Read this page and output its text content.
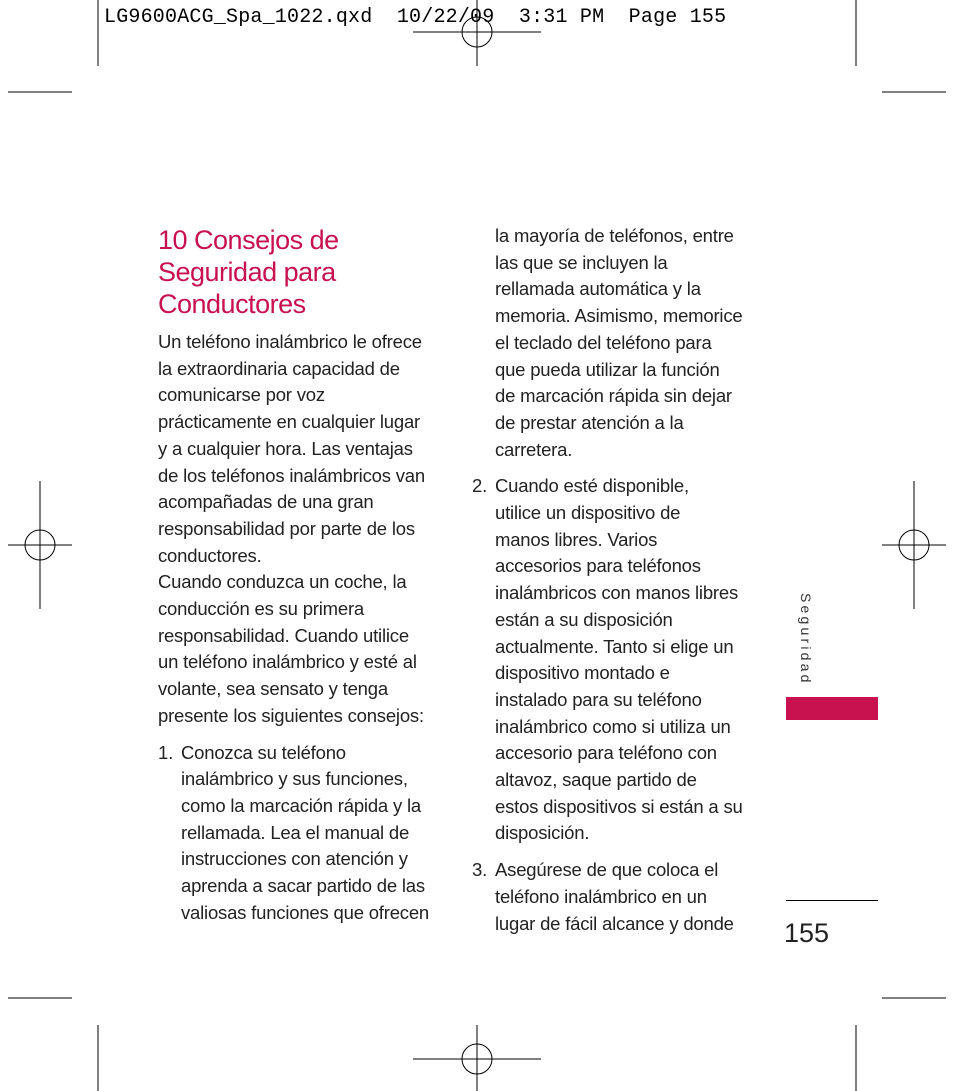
LG9600ACG_Spa_1022.qxd  10/22/09  3:31 PM  Page 155
10 Consejos de
Seguridad para
Conductores

Un teléfono inalámbrico le ofrece
la extraordinaria capacidad de
comunicarse por voz
prácticamente en cualquier lugar
y a cualquier hora. Las ventajas
de los teléfonos inalámbricos van
acompañadas de una gran
responsabilidad por parte de los
conductores.

Cuando conduzca un coche, la
conducción es su primera
responsabilidad. Cuando utilice
un teléfono inalámbrico y esté al
volante, sea sensato y tenga
presente los siguientes consejos:

1. Conozca su teléfono
inalámbrico y sus funciones,
como la marcación rápida y la
rellamada. Lea el manual de
instrucciones con atención y
aprenda a sacar partido de las
valiosas funciones que ofrecen
la mayoría de teléfonos, entre
las que se incluyen la
rellamada automática y la
memoria. Asimismo, memorice
el teclado del teléfono para
que pueda utilizar la función
de marcación rápida sin dejar
de prestar atención a la
carretera.
2. Cuando esté disponible,
utilice un dispositivo de
manos libres. Varios
accesorios para teléfonos
inalámbricos con manos libres
están a su disposición
actualmente. Tanto si elige un
dispositivo montado e
instalado para su teléfono
inalámbrico como si utiliza un
accesorio para teléfono con
altavoz, saque partido de
estos dispositivos si están a su
disposición.
3. Asegúrese de que coloca el
teléfono inalámbrico en un
lugar de fácil alcance y donde
Seguridad
155
